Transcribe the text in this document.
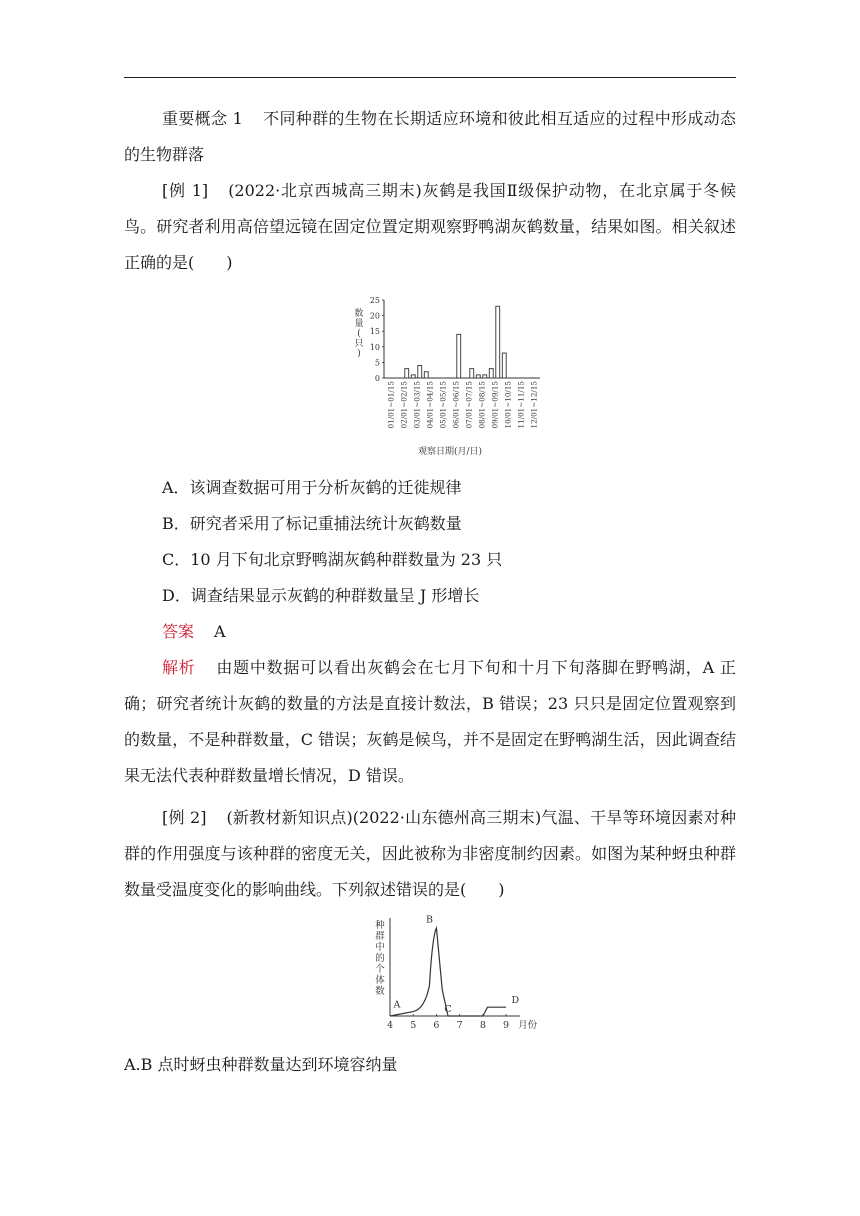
重要概念 1 不同种群的生物在长期适应环境和彼此相互适应的过程中形成动态的生物群落

[例 1] (2022·北京西城高三期末)灰鹤是我国Ⅱ级保护动物，在北京属于冬候鸟。研究者利用高倍望远镜在固定位置定期观察野鸭湖灰鹤数量，结果如图。相关叙述正确的是(　　)

0
5
10
15
20
25
01/01~01/15 02/01~02/15 03/01~03/15 04/01~04/15 05/01~05/15 06/01~06/15 07/01~07/15 08/01~08/15 09/01~09/15 10/01~10/15 11/01~11/15 12/01~12/15
观察日期(月/日)
数
量
(
只
)

A．该调查数据可用于分析灰鹤的迁徙规律

B．研究者采用了标记重捕法统计灰鹤数量

C．10 月下旬北京野鸭湖灰鹤种群数量为 23 只

D．调查结果显示灰鹤的种群数量呈 J 形增长

答案 A

解析 由题中数据可以看出灰鹤会在七月下旬和十月下旬落脚在野鸭湖，A 正确；研究者统计灰鹤的数量的方法是直接计数法，B 错误；23 只只是固定位置观察到的数量，不是种群数量，C 错误；灰鹤是候鸟，并不是固定在野鸭湖生活，因此调查结果无法代表种群数量增长情况，D 错误。

[例 2] (新教材新知识点)(2022·山东德州高三期末)气温、干旱等环境因素对种群的作用强度与该种群的密度无关，因此被称为非密度制约因素。如图为某种蚜虫种群数量受温度变化的影响曲线。下列叙述错误的是(　　)

种
群
中
的
个
体
数
4 5 6 7 8 9 月份
A
B
C
D

A.B 点时蚜虫种群数量达到环境容纳量
